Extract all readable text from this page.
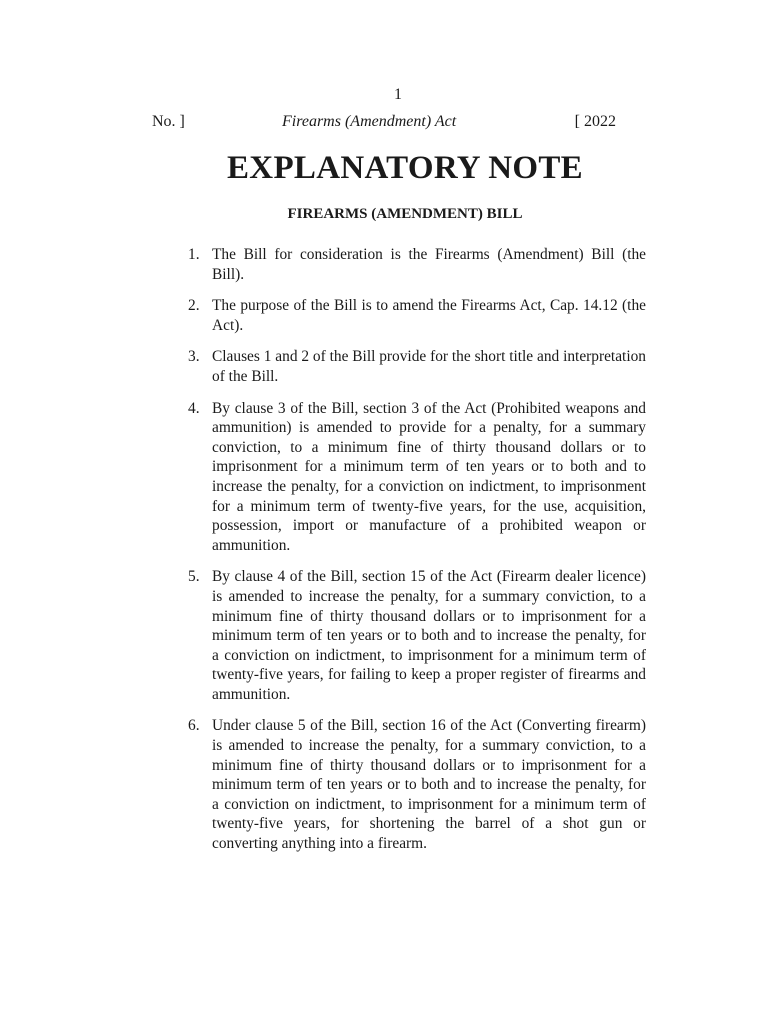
1
No. ]	Firearms (Amendment) Act	[ 2022
EXPLANATORY NOTE
FIREARMS (AMENDMENT) BILL
1. The Bill for consideration is the Firearms (Amendment) Bill (the Bill).
2. The purpose of the Bill is to amend the Firearms Act, Cap. 14.12 (the Act).
3. Clauses 1 and 2 of the Bill provide for the short title and interpretation of the Bill.
4. By clause 3 of the Bill, section 3 of the Act (Prohibited weapons and ammunition) is amended to provide for a penalty, for a summary conviction, to a minimum fine of thirty thousand dollars or to imprisonment for a minimum term of ten years or to both and to increase the penalty, for a conviction on indictment, to imprisonment for a minimum term of twenty-five years, for the use, acquisition, possession, import or manufacture of a prohibited weapon or ammunition.
5. By clause 4 of the Bill, section 15 of the Act (Firearm dealer licence) is amended to increase the penalty, for a summary conviction, to a minimum fine of thirty thousand dollars or to imprisonment for a minimum term of ten years or to both and to increase the penalty, for a conviction on indictment, to imprisonment for a minimum term of twenty-five years, for failing to keep a proper register of firearms and ammunition.
6. Under clause 5 of the Bill, section 16 of the Act (Converting firearm) is amended to increase the penalty, for a summary conviction, to a minimum fine of thirty thousand dollars or to imprisonment for a minimum term of ten years or to both and to increase the penalty, for a conviction on indictment, to imprisonment for a minimum term of twenty-five years, for shortening the barrel of a shot gun or converting anything into a firearm.
